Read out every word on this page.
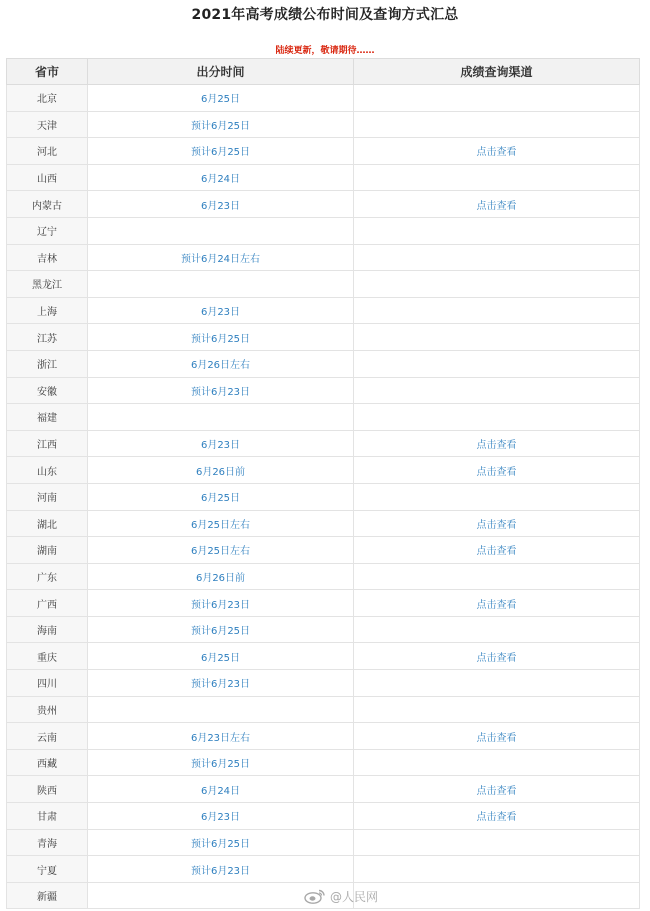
2021年高考成绩公布时间及查询方式汇总
陆续更新，敬请期待……
省市	出分时间	成绩查询渠道
北京	6月25日	
天津	预计6月25日	
河北	预计6月25日	点击查看
山西	6月24日	
内蒙古	6月23日	点击查看
辽宁		
吉林	预计6月24日左右	
黑龙江		
上海	6月23日	
江苏	预计6月25日	
浙江	6月26日左右	
安徽	预计6月23日	
福建		
江西	6月23日	点击查看
山东	6月26日前	点击查看
河南	6月25日	
湖北	6月25日左右	点击查看
湖南	6月25日左右	点击查看
广东	6月26日前	
广西	预计6月23日	点击查看
海南	预计6月25日	
重庆	6月25日	点击查看
四川	预计6月23日	
贵州		
云南	6月23日左右	点击查看
西藏	预计6月25日	
陕西	6月24日	点击查看
甘肃	6月23日	点击查看
青海	预计6月25日	
宁夏	预计6月23日	
新疆			@人民网
